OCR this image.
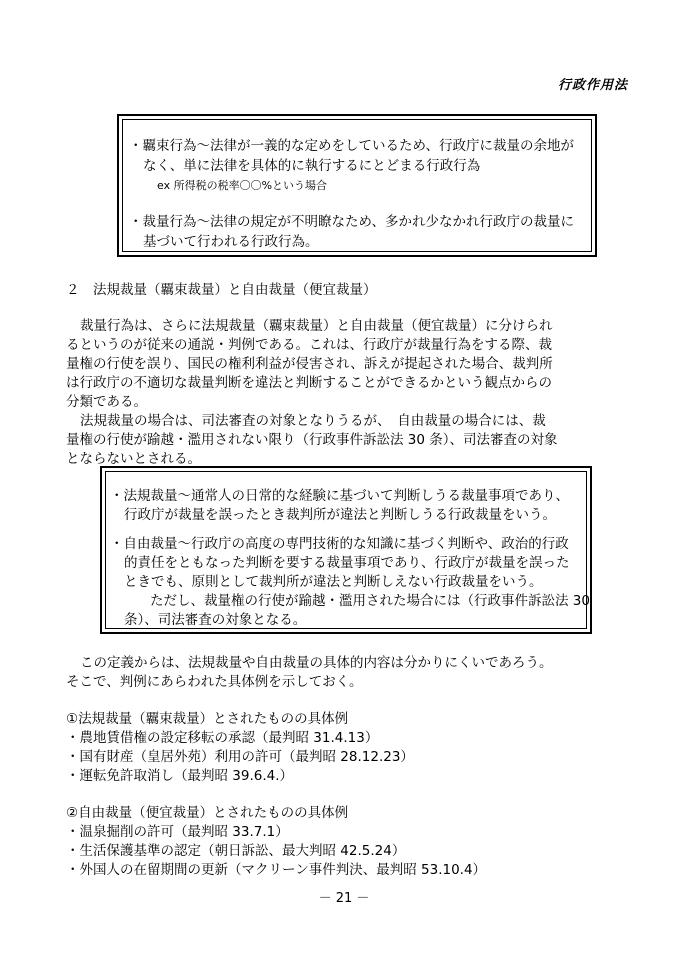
行政作用法
・覊束行為～法律が一義的な定めをしているため、行政庁に裁量の余地が
なく、単に法律を具体的に執行するにとどまる行政行為
ex 所得税の税率〇〇%という場合
・裁量行為～法律の規定が不明瞭なため、多かれ少なかれ行政庁の裁量に
基づいて行われる行政行為。
２　法規裁量（覊束裁量）と自由裁量（便宜裁量）
裁量行為は、さらに法規裁量（覊束裁量）と自由裁量（便宜裁量）に分けられ
るというのが従来の通説・判例である。これは、行政庁が裁量行為をする際、裁
量権の行使を誤り、国民の権利利益が侵害され、訴えが提起された場合、裁判所
は行政庁の不適切な裁量判断を違法と判断することができるかという観点からの
分類である。
法規裁量の場合は、司法審査の対象となりうるが、　自由裁量の場合には、裁
量権の行使が踰越・濫用されない限り（行政事件訴訟法 30 条）、司法審査の対象
とならないとされる。
・法規裁量～通常人の日常的な経験に基づいて判断しうる裁量事項であり、
行政庁が裁量を誤ったとき裁判所が違法と判断しうる行政裁量をいう。
・自由裁量～行政庁の高度の専門技術的な知識に基づく判断や、政治的行政
的責任をともなった判断を要する裁量事項であり、行政庁が裁量を誤った
ときでも、原則として裁判所が違法と判断しえない行政裁量をいう。
ただし、裁量権の行使が踰越・濫用された場合には（行政事件訴訟法 30
条）、司法審査の対象となる。
この定義からは、法規裁量や自由裁量の具体的内容は分かりにくいであろう。
そこで、判例にあらわれた具体例を示しておく。
①法規裁量（覊束裁量）とされたものの具体例
・農地賃借権の設定移転の承認（最判昭 31.4.13）
・国有財産（皇居外苑）利用の許可（最判昭 28.12.23）
・運転免許取消し（最判昭 39.6.4.）
②自由裁量（便宜裁量）とされたものの具体例
・温泉掘削の許可（最判昭 33.7.1）
・生活保護基準の認定（朝日訴訟、最大判昭 42.5.24）
・外国人の在留期間の更新（マクリーン事件判決、最判昭 53.10.4）
－ 21 －
